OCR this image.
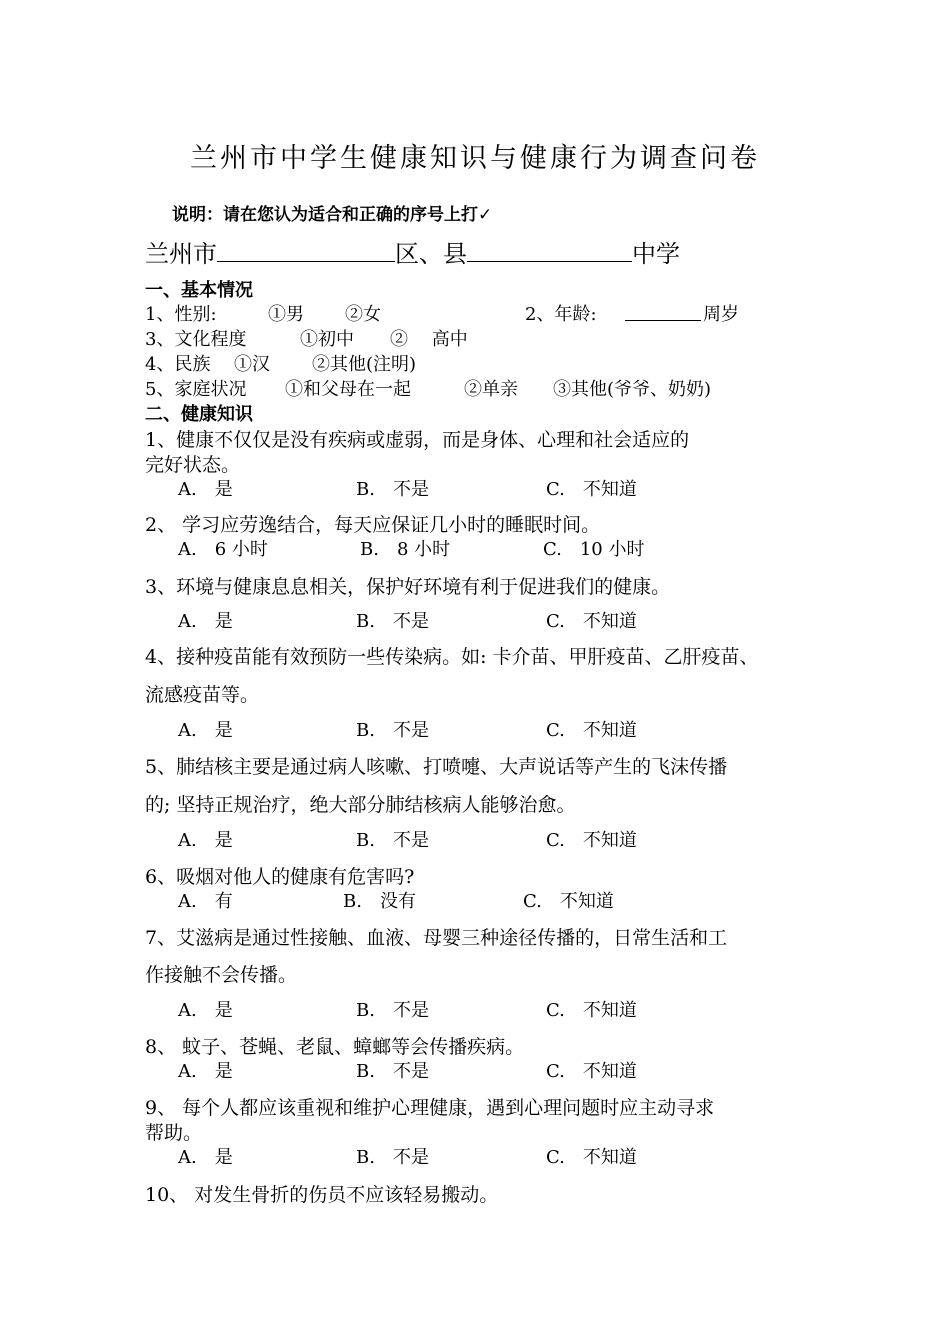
兰州市中学生健康知识与健康行为调查问卷
说明：请在您认为适合和正确的序号上打✓
兰州市	区、县	中学
一、基本情况
1、性别:	①男 ②女	2、年龄:	周岁
3、文化程度	①初中 ②　 高中
4、民族 ①汉 ②其他(注明)
5、家庭状况 ①和父母在一起	②单亲 ③其他(爷爷、奶奶)
二、健康知识
1、健康不仅仅是没有疾病或虚弱，而是身体、心理和社会适应的
完好状态。
A.　是	B.　不是	C.　不知道
2、 学习应劳逸结合，每天应保证几小时的睡眠时间。
A.　6 小时	B.　8 小时	C.　10 小时
3、环境与健康息息相关，保护好环境有利于促进我们的健康。
A.　是	B.　不是	C.　不知道
4、接种疫苗能有效预防一些传染病。如: 卡介苗、甲肝疫苗、乙肝疫苗、
流感疫苗等。
A.　是	B.　不是	C.　不知道
5、肺结核主要是通过病人咳嗽、打喷嚏、大声说话等产生的飞沫传播
的; 坚持正规治疗，绝大部分肺结核病人能够治愈。
A.　是	B.　不是	C.　不知道
6、吸烟对他人的健康有危害吗?
A.　有	B.　没有	C.　不知道
7、艾滋病是通过性接触、血液、母婴三种途径传播的，日常生活和工
作接触不会传播。
A.　是	B.　不是	C.　不知道
8、 蚊子、苍蝇、老鼠、蟑螂等会传播疾病。
A.　是	B.　不是	C.　不知道
9、 每个人都应该重视和维护心理健康，遇到心理问题时应主动寻求
帮助。
A.　是	B.　不是	C.　不知道
10、 对发生骨折的伤员不应该轻易搬动。
